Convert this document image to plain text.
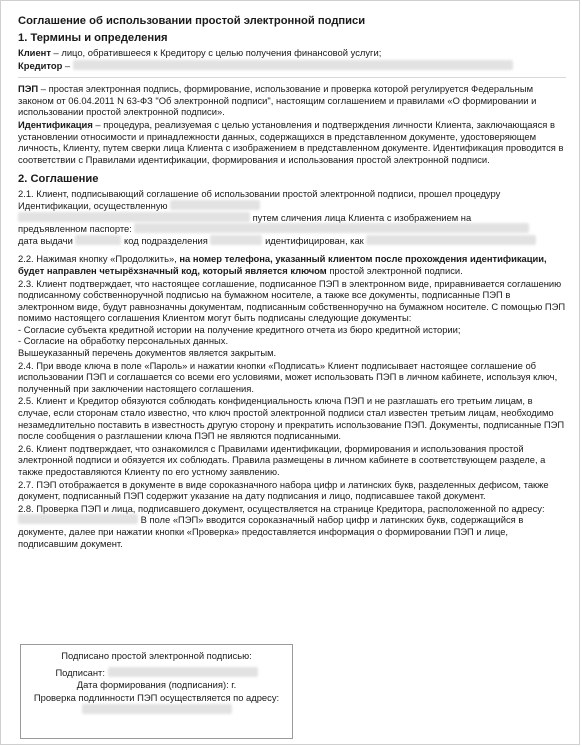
Соглашение об использовании простой электронной подписи
1. Термины и определения
Клиент – лицо, обратившееся к Кредитору с целью получения финансовой услуги;
Кредитор –
ПЭП – простая электронная подпись, формирование, использование и проверка которой регулируется Федеральным законом от 06.04.2011 N 63-ФЗ "Об электронной подписи", настоящим соглашением и правилами «О формировании и использовании простой электронной подписи».
Идентификация – процедура, реализуемая с целью установления и подтверждения личности Клиента, заключающаяся в установлении относимости и принадлежности данных, содержащихся в представленном документе, удостоверяющем личность, Клиенту, путем сверки лица Клиента с изображением в представленном документе. Идентификация проводится в соответствии с Правилами идентификации, формирования и использования простой электронной подписи.
2. Соглашение
2.1. Клиент, подписывающий соглашение об использовании простой электронной подписи, прошел процедуру Идентификации, осуществленную
путем сличения лица Клиента с изображением на
предъявленном паспорте:
дата выдачи	код подразделения	идентифицирован, как
2.2. Нажимая кнопку «Продолжить», на номер телефона, указанный клиентом после прохождения идентификации, будет направлен четырёхзначный код, который является ключом простой электронной подписи.
2.3. Клиент подтверждает, что настоящее соглашение, подписанное ПЭП в электронном виде, приравнивается соглашению подписанному собственноручной подписью на бумажном носителе, а также все документы, подписанные ПЭП в электронном виде, будут равнозначны документам, подписанным собственноручно на бумажном носителе. С помощью ПЭП помимо настоящего соглашения Клиентом могут быть подписаны следующие документы:
- Согласие субъекта кредитной истории на получение кредитного отчета из бюро кредитной истории;
- Согласие на обработку персональных данных.
Вышеуказанный перечень документов является закрытым.
2.4. При вводе ключа в поле «Пароль» и нажатии кнопки «Подписать» Клиент подписывает настоящее соглашение об использовании ПЭП и соглашается со всеми его условиями, может использовать ПЭП в личном кабинете, используя ключ, полученный при заключении настоящего соглашения.
2.5. Клиент и Кредитор обязуются соблюдать конфиденциальность ключа ПЭП и не разглашать его третьим лицам, в случае, если сторонам стало известно, что ключ простой электронной подписи стал известен третьим лицам, необходимо незамедлительно поставить в известность другую сторону и прекратить использование ПЭП. Документы, подписанные ПЭП после сообщения о разглашении ключа ПЭП не являются подписанными.
2.6. Клиент подтверждает, что ознакомился с Правилами идентификации, формирования и использования простой электронной подписи и обязуется их соблюдать. Правила размещены в личном кабинете в соответствующем разделе, а также предоставляются Клиенту по его устному заявлению.
2.7. ПЭП отображается в документе в виде сороказначного набора цифр и латинских букв, разделенных дефисом, также документ, подписанный ПЭП содержит указание на дату подписания и лицо, подписавшее такой документ.
2.8. Проверка ПЭП и лица, подписавшего документ, осуществляется на странице Кредитора, расположенной по адресу:  В поле «ПЭП» вводится сороказначный набор цифр и латинских букв, содержащийся в документе, далее при нажатии кнопки «Проверка» предоставляется информация о формировании ПЭП и лице, подписавшим документ.

Подписано простой электронной подписью:

Подписант:

Дата формирования (подписания): г.

Проверка подлинности ПЭП осуществляется по адресу:
